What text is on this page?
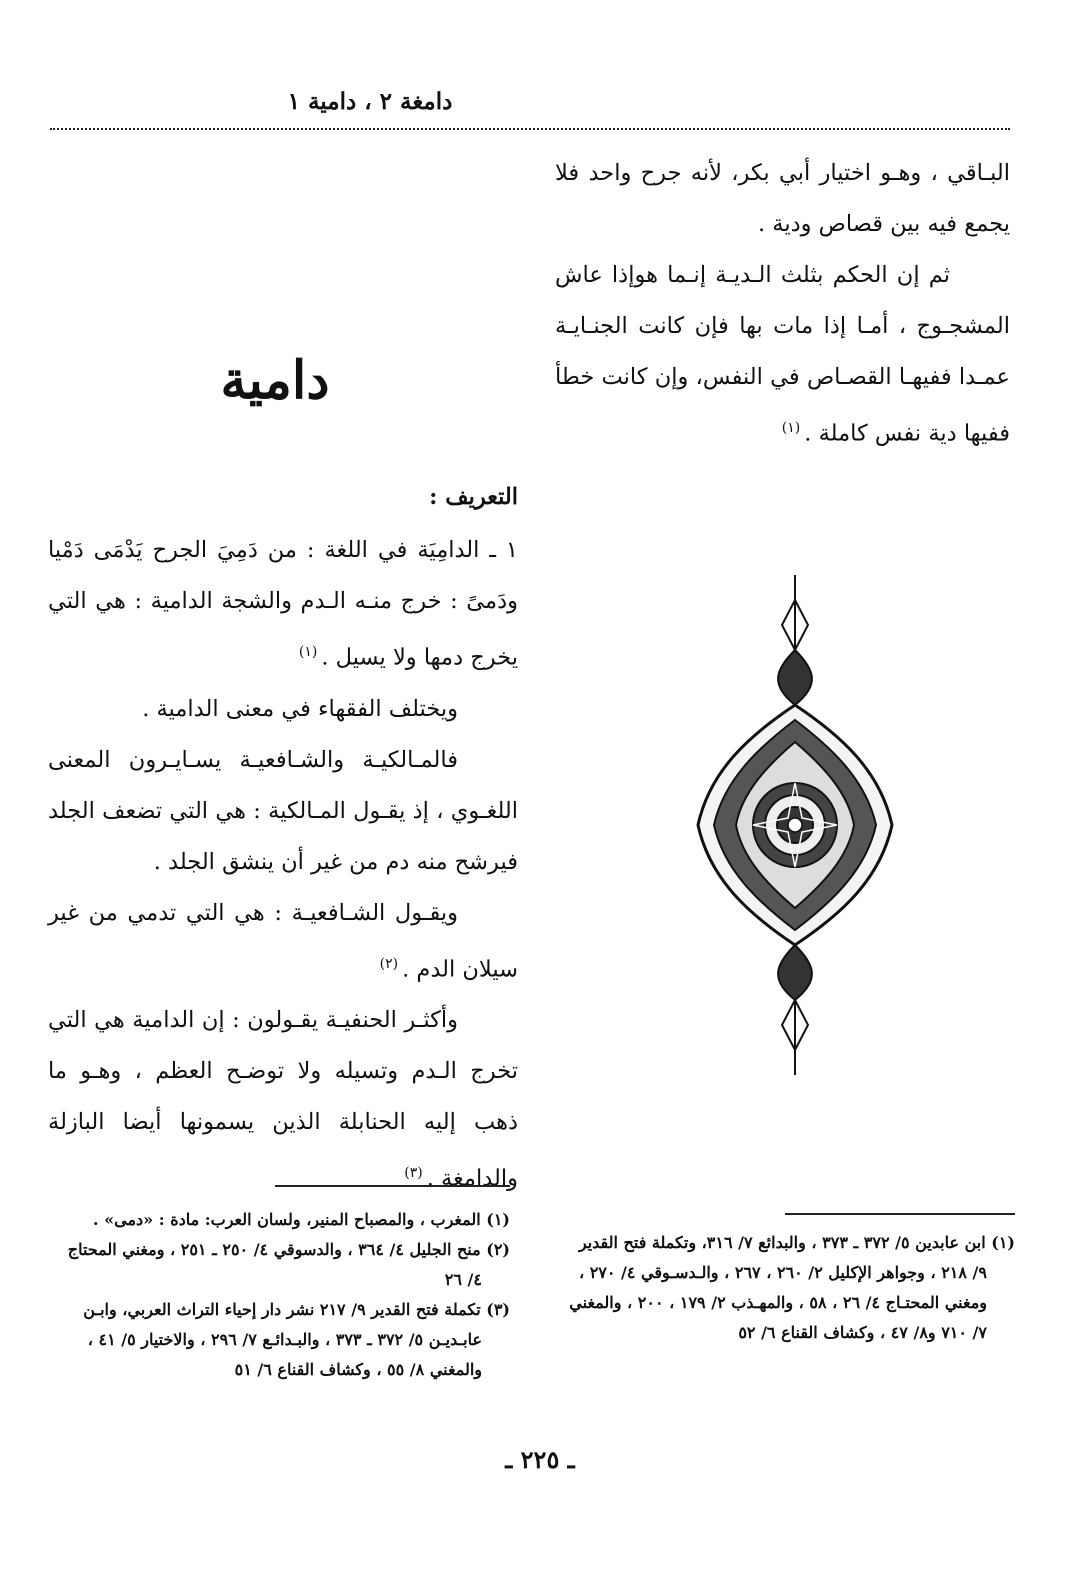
دامغة ٢ ، دامية ١

البـاقي ، وهـو اختيار أبي بكر، لأنه جرح واحد فلا يجمع فيه بين قصاص ودية .

ثم إن الحكم بثلث الـديـة إنـما هوإذا عاش المشجـوج ، أمـا إذا مات بها فإن كانت الجنـايـة عمـدا ففيهـا القصـاص في النفس، وإن كانت خطأ ففيها دية نفس كاملة .$^{(١)}$

دامية

التعريف :

١ ـ الدامِيَة في اللغة : من دَمِيَ الجرح يَدْمَى دَمْيا ودَمىً : خرج منـه الـدم والشجة الدامية : هي التي يخرج دمها ولا يسيل .$^{(١)}$

ويختلف الفقهاء في معنى الدامية .

فالمـالكيـة والشـافعيـة يسـايـرون المعنى اللغـوي ، إذ يقـول المـالكية : هي التي تضعف الجلد فيرشح منه دم من غير أن ينشق الجلد .

ويقـول الشـافعيـة : هي التي تدمي من غير سيلان الدم .$^{(٢)}$

وأكثـر الحنفيـة يقـولون : إن الدامية هي التي تخرج الـدم وتسيله ولا توضـح العظم ، وهـو ما ذهب إليه الحنابلة الذين يسمونها أيضا البازلة والدامغة .$^{(٣)}$

(١) ابن عابدين ٥/ ٣٧٢ ـ ٣٧٣ ، والبدائع ٧/ ٣١٦، وتكملة فتح القدير ٩/ ٢١٨ ، وجواهر الإكليل ٢/ ٢٦٠ ، ٢٦٧ ، والـدسـوقي ٤/ ٢٧٠ ، ومغني المحتـاج ٤/ ٢٦ ، ٥٨ ، والمهـذب ٢/ ١٧٩ ، ٢٠٠ ، والمغني ٧/ ٧١٠ و٨/ ٤٧ ، وكشاف القناع ٦/ ٥٢

(١) المغرب ، والمصباح المنير، ولسان العرب: مادة : «دمى» .

(٢) منح الجليل ٤/ ٣٦٤ ، والدسوقي ٤/ ٢٥٠ ـ ٢٥١ ، ومغني المحتاج ٤/ ٢٦

(٣) تكملة فتح القدير ٩/ ٢١٧ نشر دار إحياء التراث العربي، وابـن عابـديـن ٥/ ٣٧٢ ـ ٣٧٣ ، والبـدائـع ٧/ ٢٩٦ ، والاختيار ٥/ ٤١ ، والمغني ٨/ ٥٥ ، وكشاف القناع ٦/ ٥١

ـ ٢٢٥ ـ
